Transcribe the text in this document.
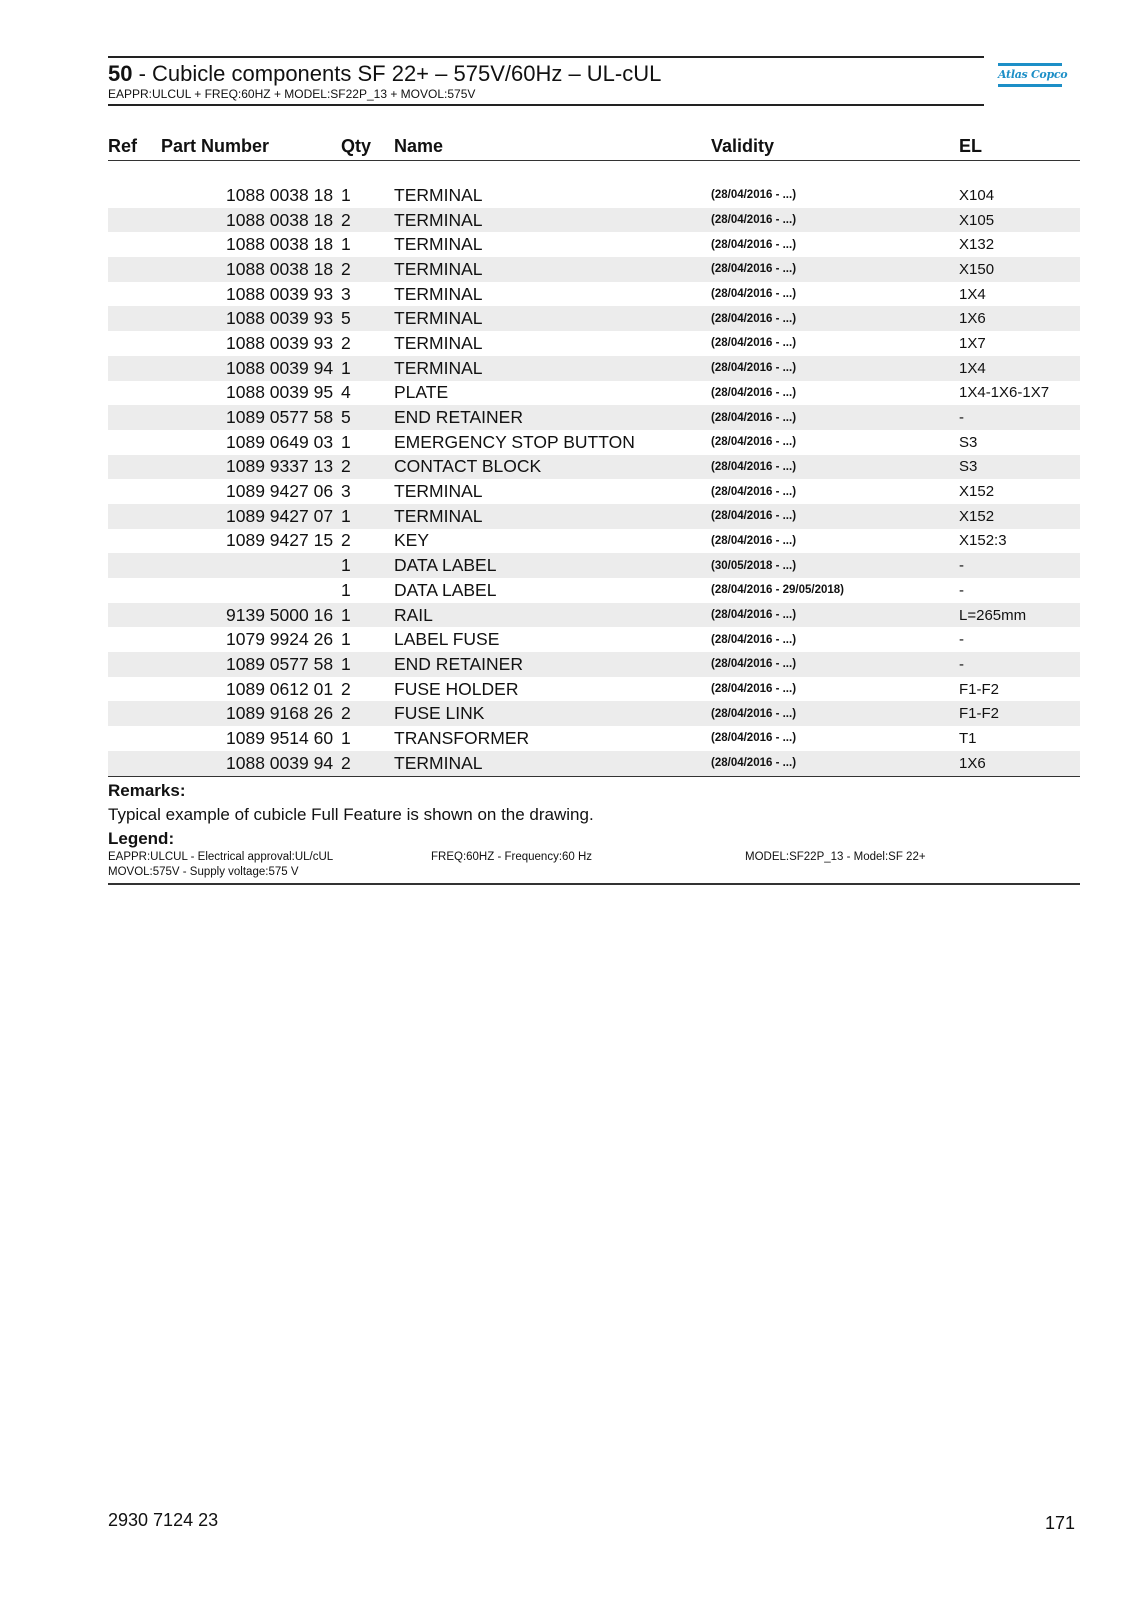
50 - Cubicle components SF 22+ – 575V/60Hz – UL-cUL
EAPPR:ULCUL + FREQ:60HZ + MODEL:SF22P_13 + MOVOL:575V
Atlas Copco
Ref	Part Number	Qty	Name	Validity	EL

	1088 0038 18	1	TERMINAL	(28/04/2016 - ...)	X104
	1088 0038 18	2	TERMINAL	(28/04/2016 - ...)	X105
	1088 0038 18	1	TERMINAL	(28/04/2016 - ...)	X132
	1088 0038 18	2	TERMINAL	(28/04/2016 - ...)	X150
	1088 0039 93	3	TERMINAL	(28/04/2016 - ...)	1X4
	1088 0039 93	5	TERMINAL	(28/04/2016 - ...)	1X6
	1088 0039 93	2	TERMINAL	(28/04/2016 - ...)	1X7
	1088 0039 94	1	TERMINAL	(28/04/2016 - ...)	1X4
	1088 0039 95	4	PLATE	(28/04/2016 - ...)	1X4-1X6-1X7
	1089 0577 58	5	END RETAINER	(28/04/2016 - ...)	-
	1089 0649 03	1	EMERGENCY STOP BUTTON	(28/04/2016 - ...)	S3
	1089 9337 13	2	CONTACT BLOCK	(28/04/2016 - ...)	S3
	1089 9427 06	3	TERMINAL	(28/04/2016 - ...)	X152
	1089 9427 07	1	TERMINAL	(28/04/2016 - ...)	X152
	1089 9427 15	2	KEY	(28/04/2016 - ...)	X152:3
		1	DATA LABEL	(30/05/2018 - ...)	-
		1	DATA LABEL	(28/04/2016 - 29/05/2018)	-
	9139 5000 16	1	RAIL	(28/04/2016 - ...)	L=265mm
	1079 9924 26	1	LABEL FUSE	(28/04/2016 - ...)	-
	1089 0577 58	1	END RETAINER	(28/04/2016 - ...)	-
	1089 0612 01	2	FUSE HOLDER	(28/04/2016 - ...)	F1-F2
	1089 9168 26	2	FUSE LINK	(28/04/2016 - ...)	F1-F2
	1089 9514 60	1	TRANSFORMER	(28/04/2016 - ...)	T1
	1088 0039 94	2	TERMINAL	(28/04/2016 - ...)	1X6
Remarks:

Typical example of cubicle Full Feature is shown on the drawing.

Legend:
EAPPR:ULCUL - Electrical approval:UL/cUL	FREQ:60HZ - Frequency:60 Hz	MODEL:SF22P_13 - Model:SF 22+
MOVOL:575V - Supply voltage:575 V
2930 7124 23	171
